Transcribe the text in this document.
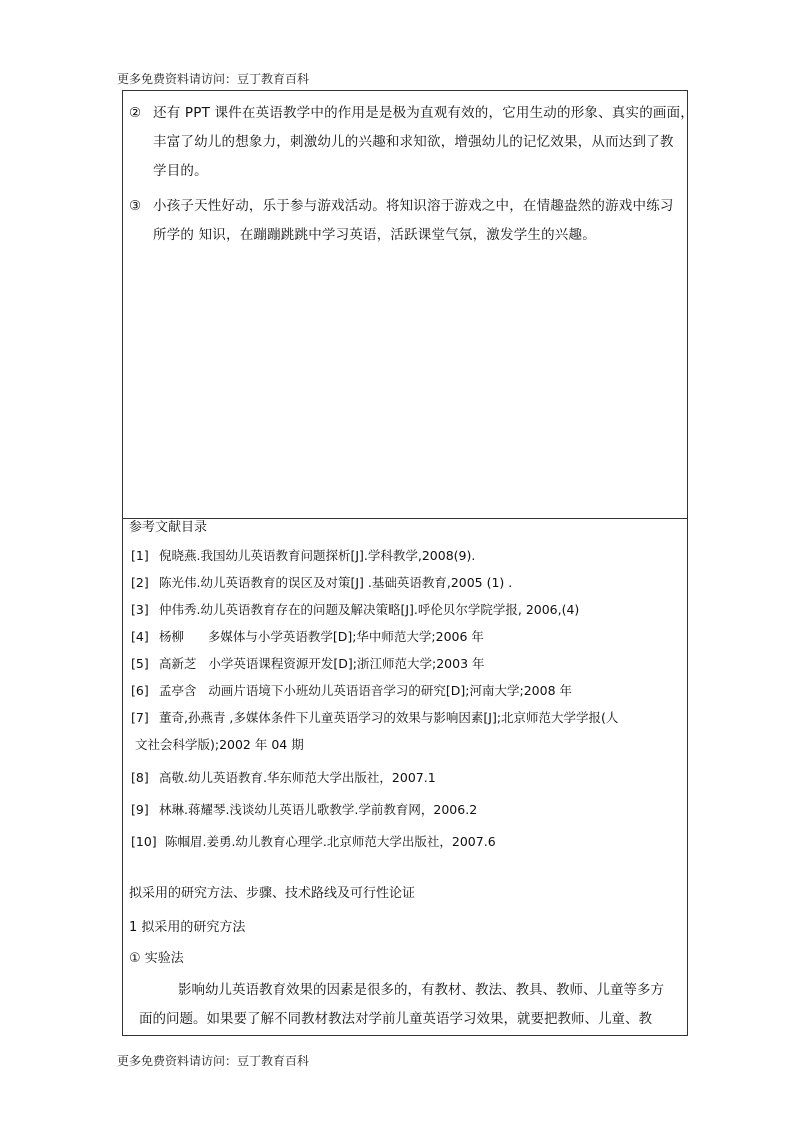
更多免费资料请访问：豆丁教育百科
② 还有 PPT 课件在英语教学中的作用是是极为直观有效的，它用生动的形象、真实的画面，
丰富了幼儿的想象力，刺激幼儿的兴趣和求知欲，增强幼儿的记忆效果，从而达到了教
学目的。
③ 小孩子天性好动，乐于参与游戏活动。将知识溶于游戏之中，在情趣盎然的游戏中练习
所学的 知识，在蹦蹦跳跳中学习英语，活跃课堂气氛，激发学生的兴趣。
参考文献目录
[1] 倪晓燕.我国幼儿英语教育问题探析[J].学科教学,2008(9).
[2] 陈光伟.幼儿英语教育的误区及对策[J] .基础英语教育,2005 (1) .
[3] 仲伟秀.幼儿英语教育存在的问题及解决策略[J].呼伦贝尔学院学报, 2006,(4)
[4] 杨柳      多媒体与小学英语教学[D];华中师范大学;2006 年
[5] 高新芝   小学英语课程资源开发[D];浙江师范大学;2003 年
[6] 孟亭含   动画片语境下小班幼儿英语语音学习的研究[D];河南大学;2008 年
[7] 董奇,孙燕青 ,多媒体条件下儿童英语学习的效果与影响因素[J];北京师范大学学报(人
文社会科学版);2002 年 04 期
[8] 高敬.幼儿英语教育.华东师范大学出版社，2007.1
[9] 林琳.蒋耀琴.浅谈幼儿英语儿歌教学.学前教育网，2006.2
[10] 陈帼眉.姜勇.幼儿教育心理学.北京师范大学出版社，2007.6
拟采用的研究方法、步骤、技术路线及可行性论证
1 拟采用的研究方法
① 实验法
影响幼儿英语教育效果的因素是很多的，有教材、教法、教具、教师、儿童等多方
面的问题。如果要了解不同教材教法对学前儿童英语学习效果，就要把教师、儿童、教
更多免费资料请访问：豆丁教育百科
